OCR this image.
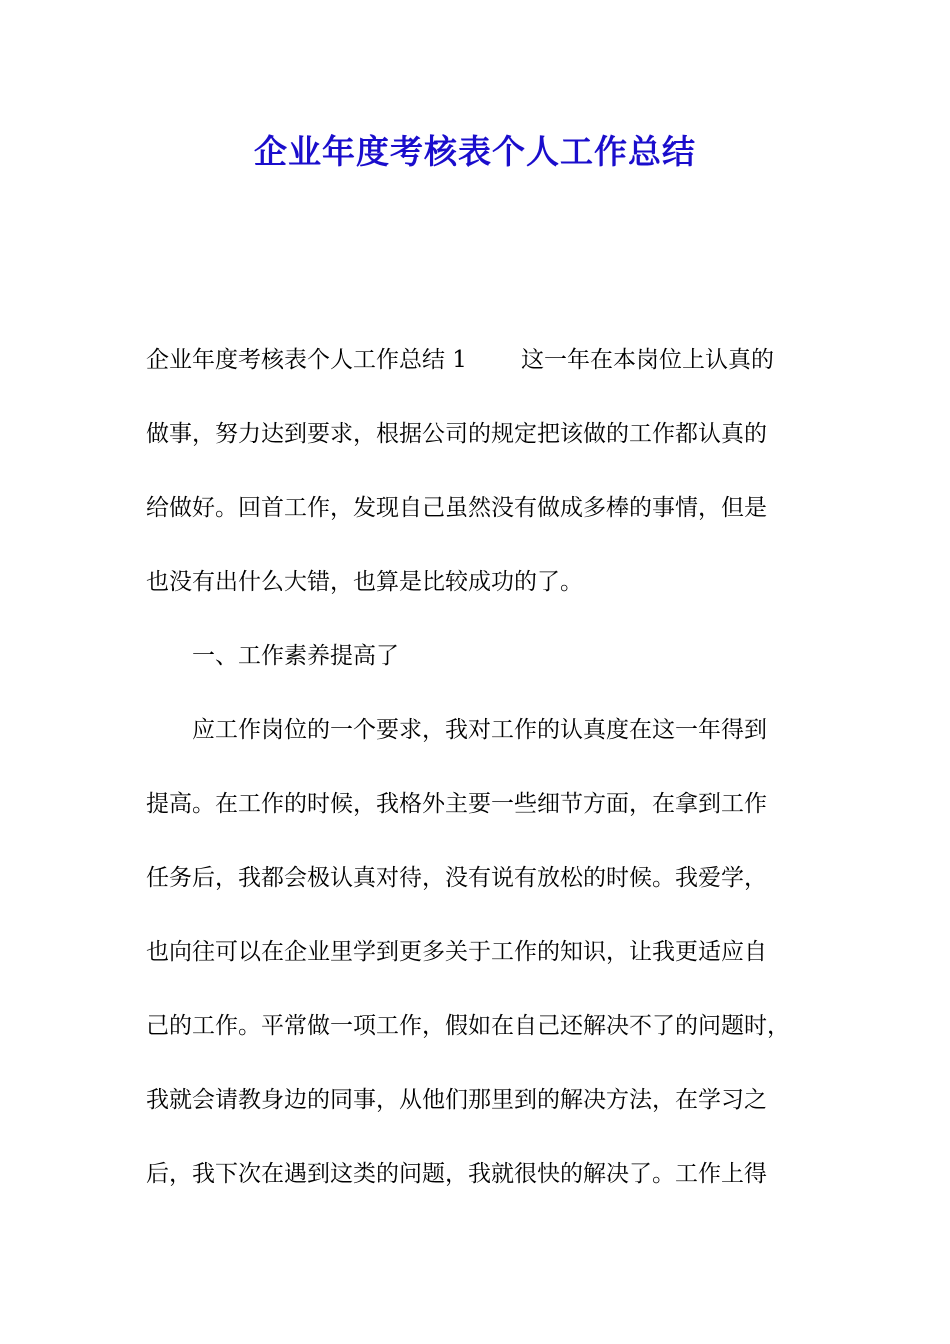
企业年度考核表个人工作总结
企业年度考核表个人工作总结 1 这一年在本岗位上认真的
做事，努力达到要求，根据公司的规定把该做的工作都认真的
给做好。回首工作，发现自己虽然没有做成多棒的事情，但是
也没有出什么大错，也算是比较成功的了。
一、工作素养提高了
应工作岗位的一个要求，我对工作的认真度在这一年得到
提高。在工作的时候，我格外主要一些细节方面，在拿到工作
任务后，我都会极认真对待，没有说有放松的时候。我爱学，
也向往可以在企业里学到更多关于工作的知识，让我更适应自
己的工作。平常做一项工作，假如在自己还解决不了的问题时，
我就会请教身边的同事，从他们那里到的解决方法，在学习之
后，我下次在遇到这类的问题，我就很快的解决了。工作上得
